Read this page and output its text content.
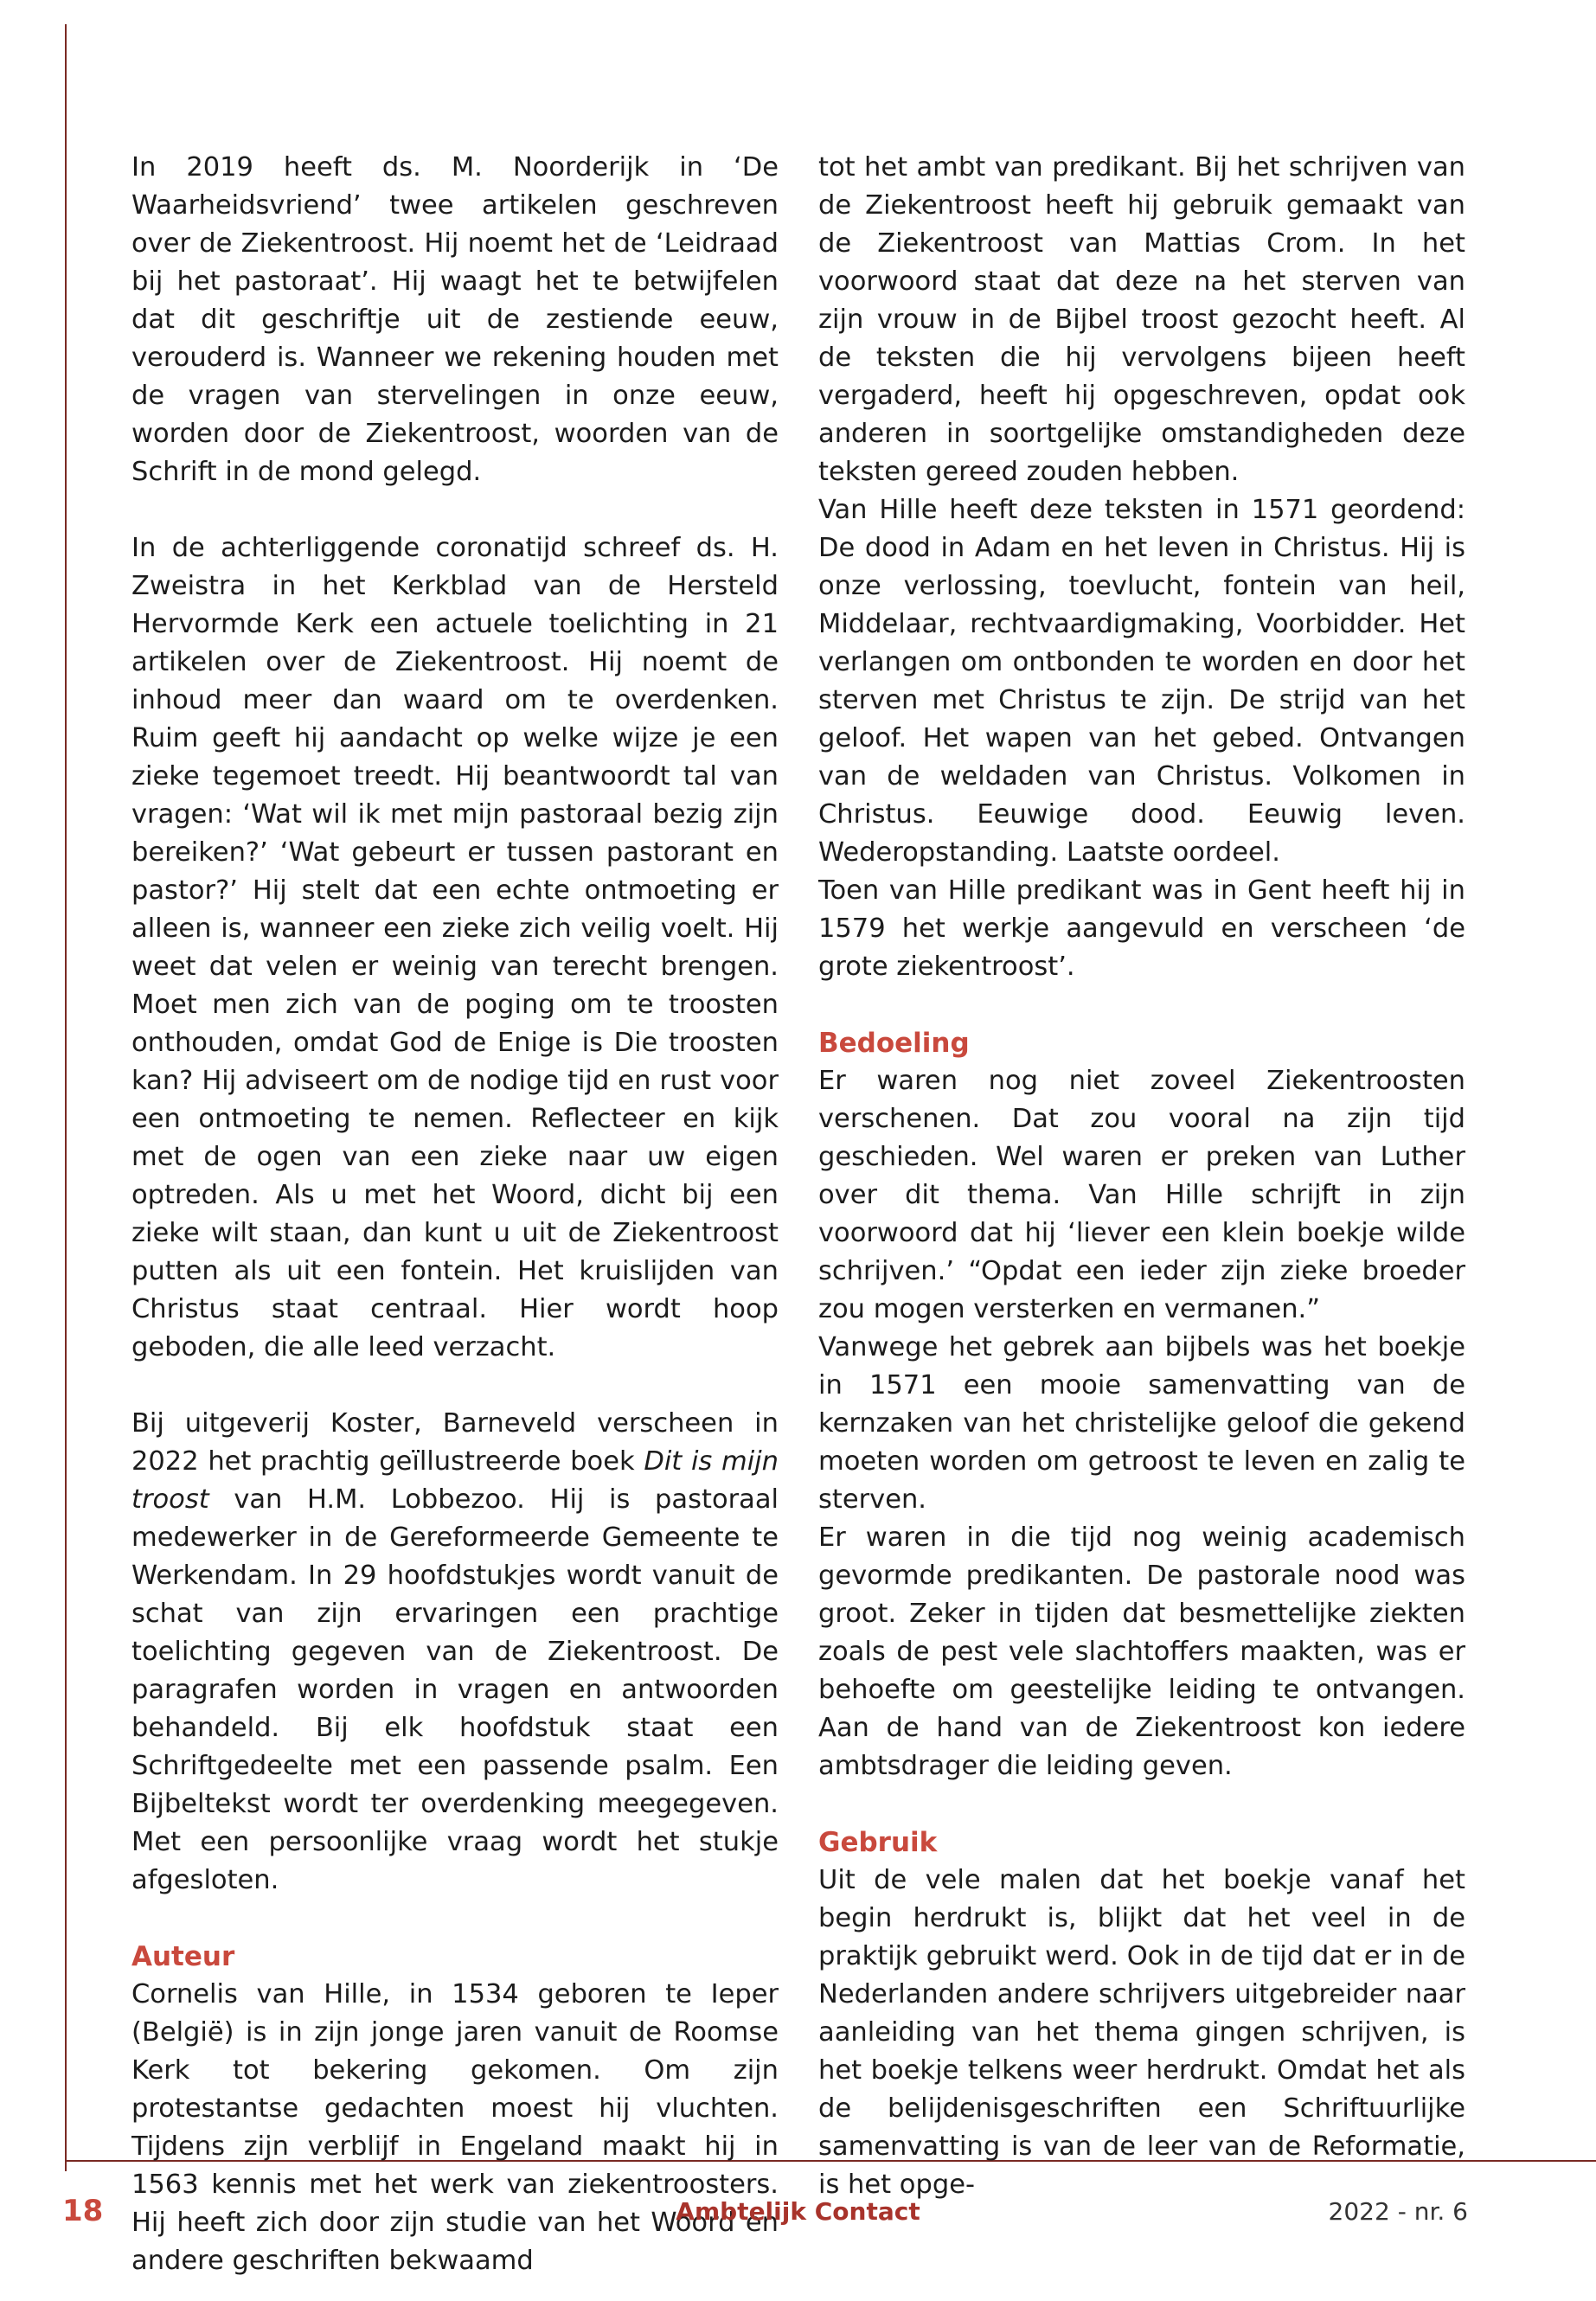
In 2019 heeft ds. M. Noorderijk in ‘De Waarheidsvriend’ twee artikelen geschreven over de Ziekentroost. Hij noemt het de ‘Leidraad bij het pastoraat’. Hij waagt het te betwijfelen dat dit geschriftje uit de zestiende eeuw, verouderd is. Wanneer we rekening houden met de vragen van stervelingen in onze eeuw, worden door de Ziekentroost, woorden van de Schrift in de mond gelegd.

In de achterliggende coronatijd schreef ds. H. Zweistra in het Kerkblad van de Hersteld Hervormde Kerk een actuele toelichting in 21 artikelen over de Ziekentroost. Hij noemt de inhoud meer dan waard om te overdenken. Ruim geeft hij aandacht op welke wijze je een zieke tegemoet treedt. Hij beantwoordt tal van vragen: ‘Wat wil ik met mijn pastoraal bezig zijn bereiken?’ ‘Wat gebeurt er tussen pastorant en pastor?’ Hij stelt dat een echte ontmoeting er alleen is, wanneer een zieke zich veilig voelt. Hij weet dat velen er weinig van terecht brengen. Moet men zich van de poging om te troosten onthouden, omdat God de Enige is Die troosten kan? Hij adviseert om de nodige tijd en rust voor een ontmoeting te nemen. Reflecteer en kijk met de ogen van een zieke naar uw eigen optreden. Als u met het Woord, dicht bij een zieke wilt staan, dan kunt u uit de Ziekentroost putten als uit een fontein. Het kruislijden van Christus staat centraal. Hier wordt hoop geboden, die alle leed verzacht.

Bij uitgeverij Koster, Barneveld verscheen in 2022 het prachtig geïllustreerde boek Dit is mijn troost van H.M. Lobbezoo. Hij is pastoraal medewerker in de Gereformeerde Gemeente te Werkendam. In 29 hoofdstukjes wordt vanuit de schat van zijn ervaringen een prachtige toelichting gegeven van de Ziekentroost. De paragrafen worden in vragen en antwoorden behandeld. Bij elk hoofdstuk staat een Schriftgedeelte met een passende psalm. Een Bijbeltekst wordt ter overdenking meegegeven. Met een persoonlijke vraag wordt het stukje afgesloten.

Auteur

Cornelis van Hille, in 1534 geboren te Ieper (België) is in zijn jonge jaren vanuit de Roomse Kerk tot bekering gekomen. Om zijn protestantse gedachten moest hij vluchten. Tijdens zijn verblijf in Engeland maakt hij in 1563 kennis met het werk van ziekentroosters. Hij heeft zich door zijn studie van het Woord en andere geschriften bekwaamd

tot het ambt van predikant. Bij het schrijven van de Ziekentroost heeft hij gebruik gemaakt van de Ziekentroost van Mattias Crom. In het voorwoord staat dat deze na het sterven van zijn vrouw in de Bijbel troost gezocht heeft. Al de teksten die hij vervolgens bijeen heeft vergaderd, heeft hij opgeschreven, opdat ook anderen in soortgelijke omstandigheden deze teksten gereed zouden hebben.

Van Hille heeft deze teksten in 1571 geordend: De dood in Adam en het leven in Christus. Hij is onze verlossing, toevlucht, fontein van heil, Middelaar, rechtvaardigmaking, Voorbidder. Het verlangen om ontbonden te worden en door het sterven met Christus te zijn. De strijd van het geloof. Het wapen van het gebed. Ontvangen van de weldaden van Christus. Volkomen in Christus. Eeuwige dood. Eeuwig leven. Wederopstanding. Laatste oordeel.

Toen van Hille predikant was in Gent heeft hij in 1579 het werkje aangevuld en verscheen ‘de grote ziekentroost’.

Bedoeling

Er waren nog niet zoveel Ziekentroosten verschenen. Dat zou vooral na zijn tijd geschieden. Wel waren er preken van Luther over dit thema. Van Hille schrijft in zijn voorwoord dat hij ‘liever een klein boekje wilde schrijven.’ “Opdat een ieder zijn zieke broeder zou mogen versterken en vermanen.”

Vanwege het gebrek aan bijbels was het boekje in 1571 een mooie samenvatting van de kernzaken van het christelijke geloof die gekend moeten worden om getroost te leven en zalig te sterven.

Er waren in die tijd nog weinig academisch gevormde predikanten. De pastorale nood was groot. Zeker in tijden dat besmettelijke ziekten zoals de pest vele slachtoffers maakten, was er behoefte om geestelijke leiding te ontvangen. Aan de hand van de Ziekentroost kon iedere ambtsdrager die leiding geven.

Gebruik

Uit de vele malen dat het boekje vanaf het begin herdrukt is, blijkt dat het veel in de praktijk gebruikt werd. Ook in de tijd dat er in de Nederlanden andere schrijvers uitgebreider naar aanleiding van het thema gingen schrijven, is het boekje telkens weer herdrukt. Omdat het als de belijdenisgeschriften een Schriftuurlijke samenvatting is van de leer van de Reformatie, is het opge-

18	Ambtelijk Contact	2022 - nr. 6
